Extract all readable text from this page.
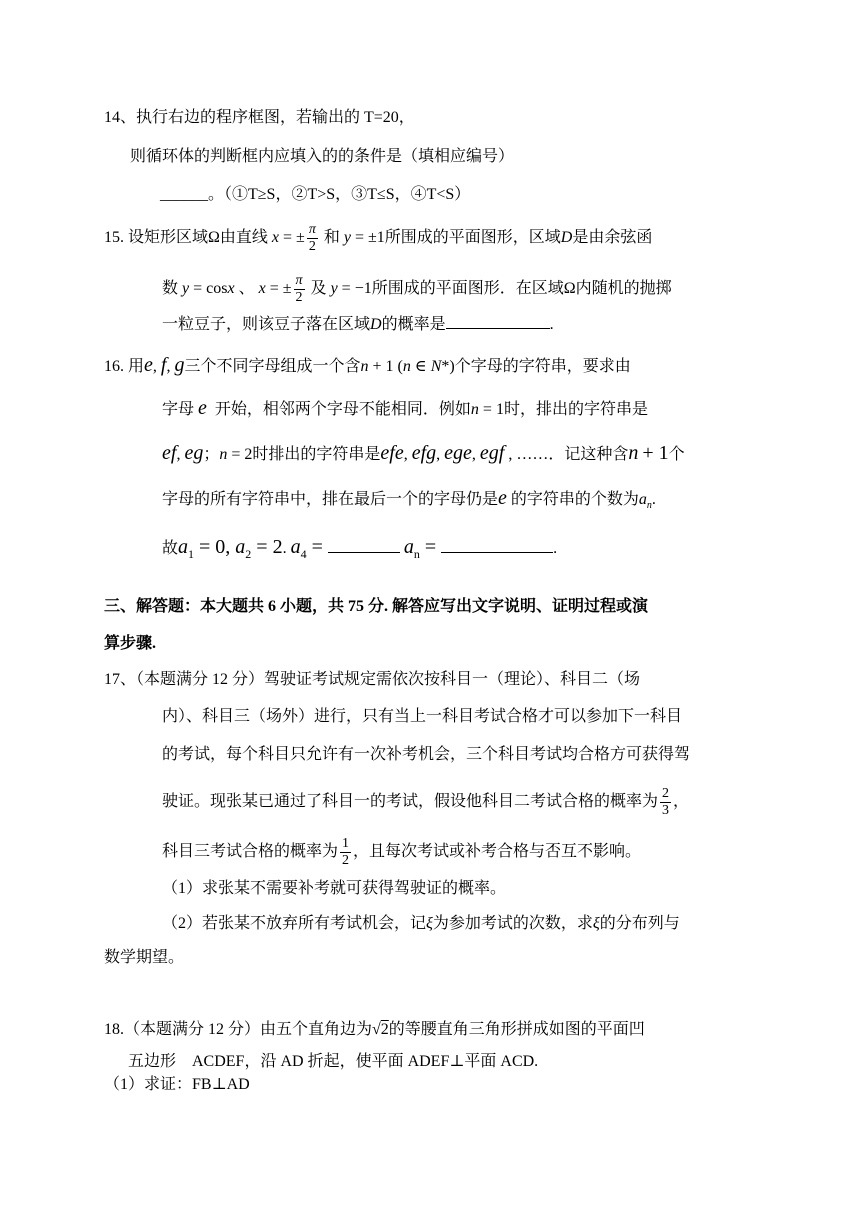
14、执行右边的程序框图，若输出的 T=20，
则循环体的判断框内应填入的的条件是（填相应编号）
______。（①T≥S，②T>S，③T≤S，④T<S）
15. 设矩形区域Ω由直线 x = ± $\frac{\pi}{2}$ 和 y = ±1所围成的平面图形，区域D是由余弦函
数 y = cosx 、 x = ± $\frac{\pi}{2}$ 及 y = −1所围成的平面图形．在区域Ω内随机的抛掷
一粒豆子，则该豆子落在区域D的概率是	.
16. 用e, f, g三个不同字母组成一个含n + 1 (n ∈ N*)个字母的字符串，要求由
字母 e 开始，相邻两个字母不能相同．例如n = 1时，排出的字符串是
ef, eg；n = 2时排出的字符串是efe, efg, ege, egf , ……．记这种含n + 1个
字母的所有字符串中，排在最后一个的字母仍是e 的字符串的个数为$a_n$.
故$a_1 = 0$, $a_2 = 2$. $a_4$ =	$a_n$ =	.
三、解答题：本大题共 6 小题，共 75 分. 解答应写出文字说明、证明过程或演
算步骤.
17、（本题满分 12 分）驾驶证考试规定需依次按科目一（理论）、科目二（场
内）、科目三（场外）进行，只有当上一科目考试合格才可以参加下一科目
的考试，每个科目只允许有一次补考机会，三个科目考试均合格方可获得驾
驶证。现张某已通过了科目一的考试，假设他科目二考试合格的概率为 $\frac{2}{3}$ ，
科目三考试合格的概率为 $\frac{1}{2}$ ，且每次考试或补考合格与否互不影响。
（1）求张某不需要补考就可获得驾驶证的概率。
（2）若张某不放弃所有考试机会，记ξ为参加考试的次数，求ξ的分布列与
数学期望。
18.（本题满分 12 分）由五个直角边为√2的等腰直角三角形拼成如图的平面凹
五边形　ACDEF，沿 AD 折起，使平面 ADEF⊥平面 ACD.
（1）求证：FB⊥AD
